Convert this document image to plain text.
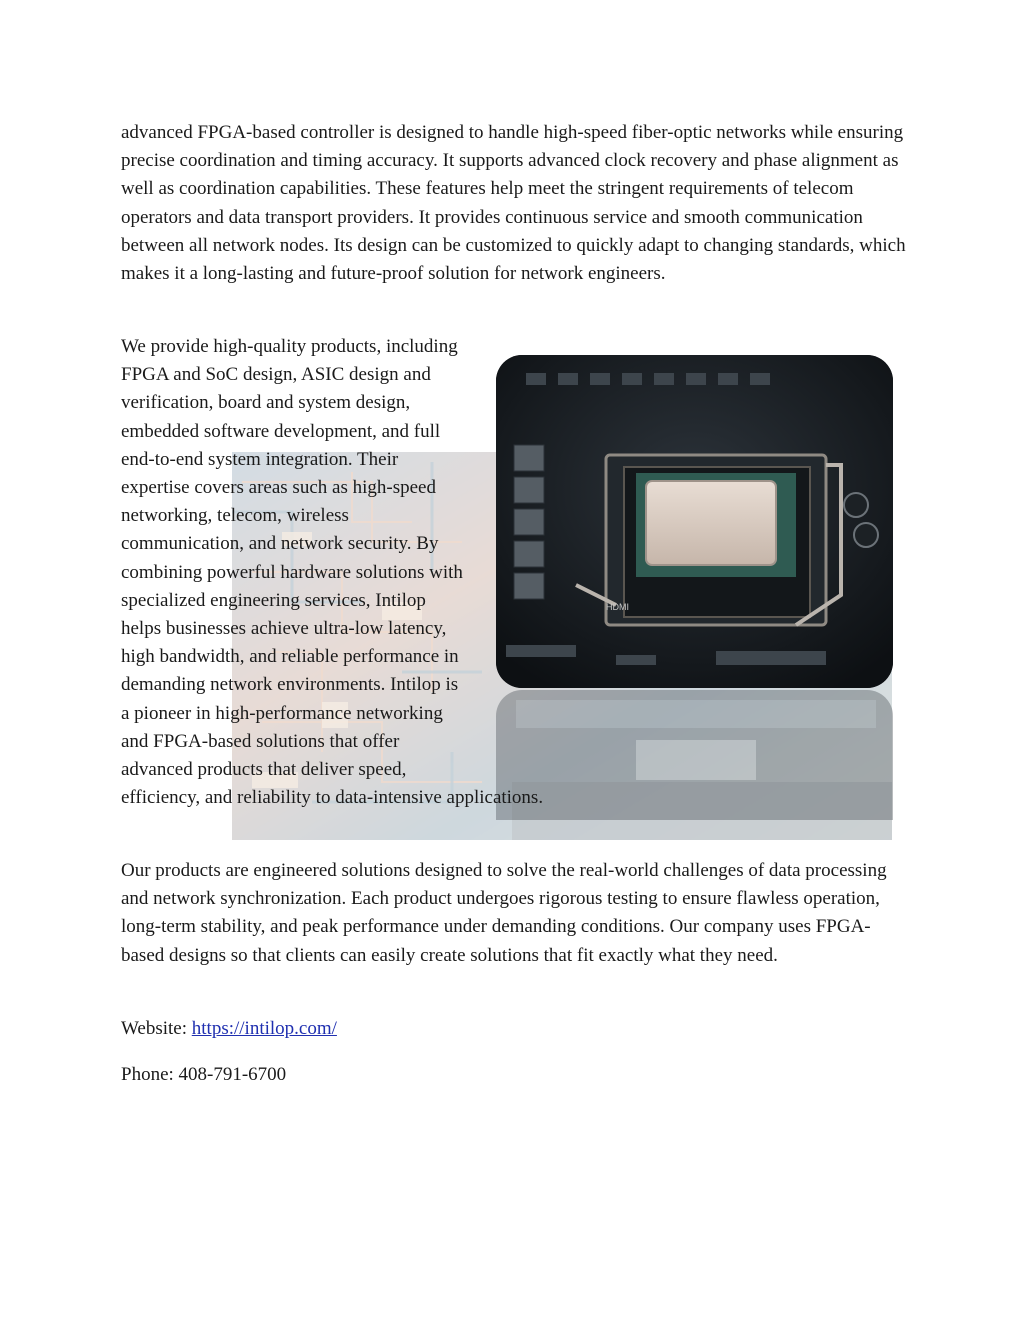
HDMI

advanced FPGA-based controller is designed to handle high-speed fiber-optic networks while ensuring precise coordination and timing accuracy. It supports advanced clock recovery and phase alignment as well as coordination capabilities. These features help meet the stringent requirements of telecom operators and data transport providers. It provides continuous service and smooth communication between all network nodes. Its design can be customized to quickly adapt to changing standards, which makes it a long-lasting and future-proof solution for network engineers.

We provide high-quality products, including FPGA and SoC design, ASIC design and verification, board and system design, embedded software development, and full end-to-end system integration. Their expertise covers areas such as high-speed networking, telecom, wireless communication, and network security. By combining powerful hardware solutions with specialized engineering services, Intilop helps businesses achieve ultra-low latency, high bandwidth, and reliable performance in demanding network environments. Intilop is a pioneer in high-performance networking and FPGA-based solutions that offer advanced products that deliver speed, efficiency, and reliability to data-intensive applications.

Our products are engineered solutions designed to solve the real-world challenges of data processing and network synchronization. Each product undergoes rigorous testing to ensure flawless operation, long-term stability, and peak performance under demanding conditions. Our company uses FPGA-based designs so that clients can easily create solutions that fit exactly what they need.

Website: https://intilop.com/

Phone: 408-791-6700
